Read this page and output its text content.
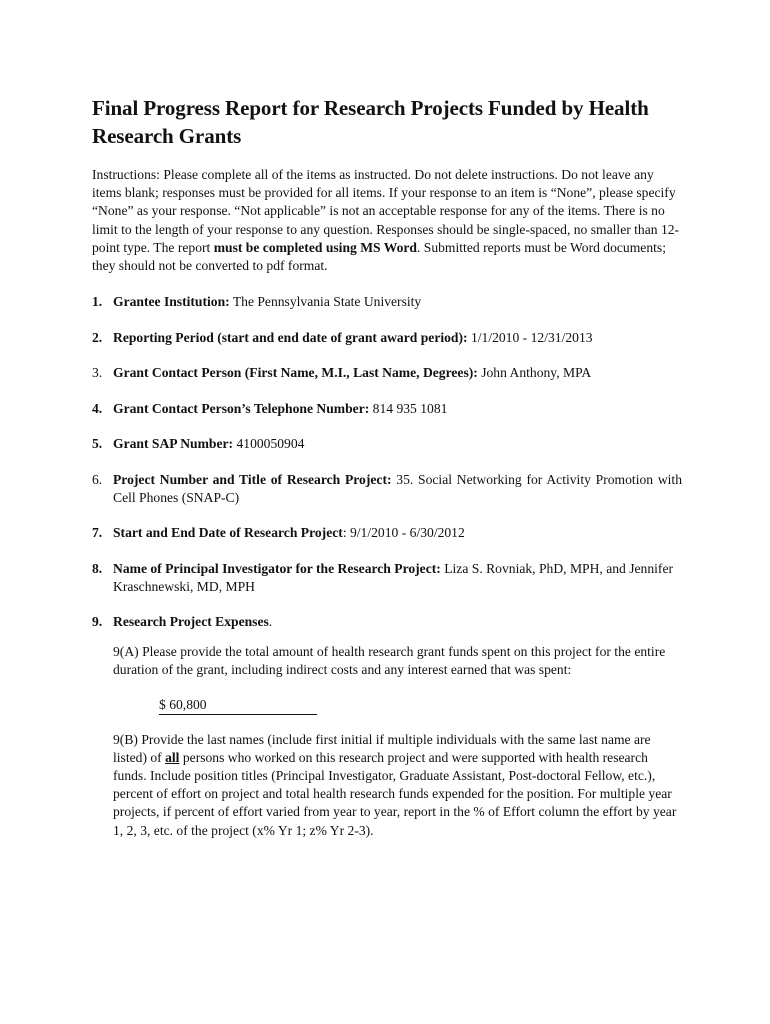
Final Progress Report for Research Projects Funded by Health Research Grants

Instructions: Please complete all of the items as instructed. Do not delete instructions. Do not leave any items blank; responses must be provided for all items. If your response to an item is “None”, please specify “None” as your response. “Not applicable” is not an acceptable response for any of the items. There is no limit to the length of your response to any question. Responses should be single-spaced, no smaller than 12-point type. The report must be completed using MS Word. Submitted reports must be Word documents; they should not be converted to pdf format.

1. Grantee Institution: The Pennsylvania State University
2. Reporting Period (start and end date of grant award period): 1/1/2010 - 12/31/2013
3. Grant Contact Person (First Name, M.I., Last Name, Degrees): John Anthony, MPA
4. Grant Contact Person’s Telephone Number: 814 935 1081
5. Grant SAP Number: 4100050904
6. Project Number and Title of Research Project: 35. Social Networking for Activity Promotion with Cell Phones (SNAP-C)
7. Start and End Date of Research Project: 9/1/2010 - 6/30/2012
8. Name of Principal Investigator for the Research Project: Liza S. Rovniak, PhD, MPH, and Jennifer Kraschnewski, MD, MPH
9. Research Project Expenses.

9(A) Please provide the total amount of health research grant funds spent on this project for the entire duration of the grant, including indirect costs and any interest earned that was spent:

$ 60,800

9(B) Provide the last names (include first initial if multiple individuals with the same last name are listed) of all persons who worked on this research project and were supported with health research funds. Include position titles (Principal Investigator, Graduate Assistant, Post-doctoral Fellow, etc.), percent of effort on project and total health research funds expended for the position. For multiple year projects, if percent of effort varied from year to year, report in the % of Effort column the effort by year 1, 2, 3, etc. of the project (x% Yr 1; z% Yr 2-3).
